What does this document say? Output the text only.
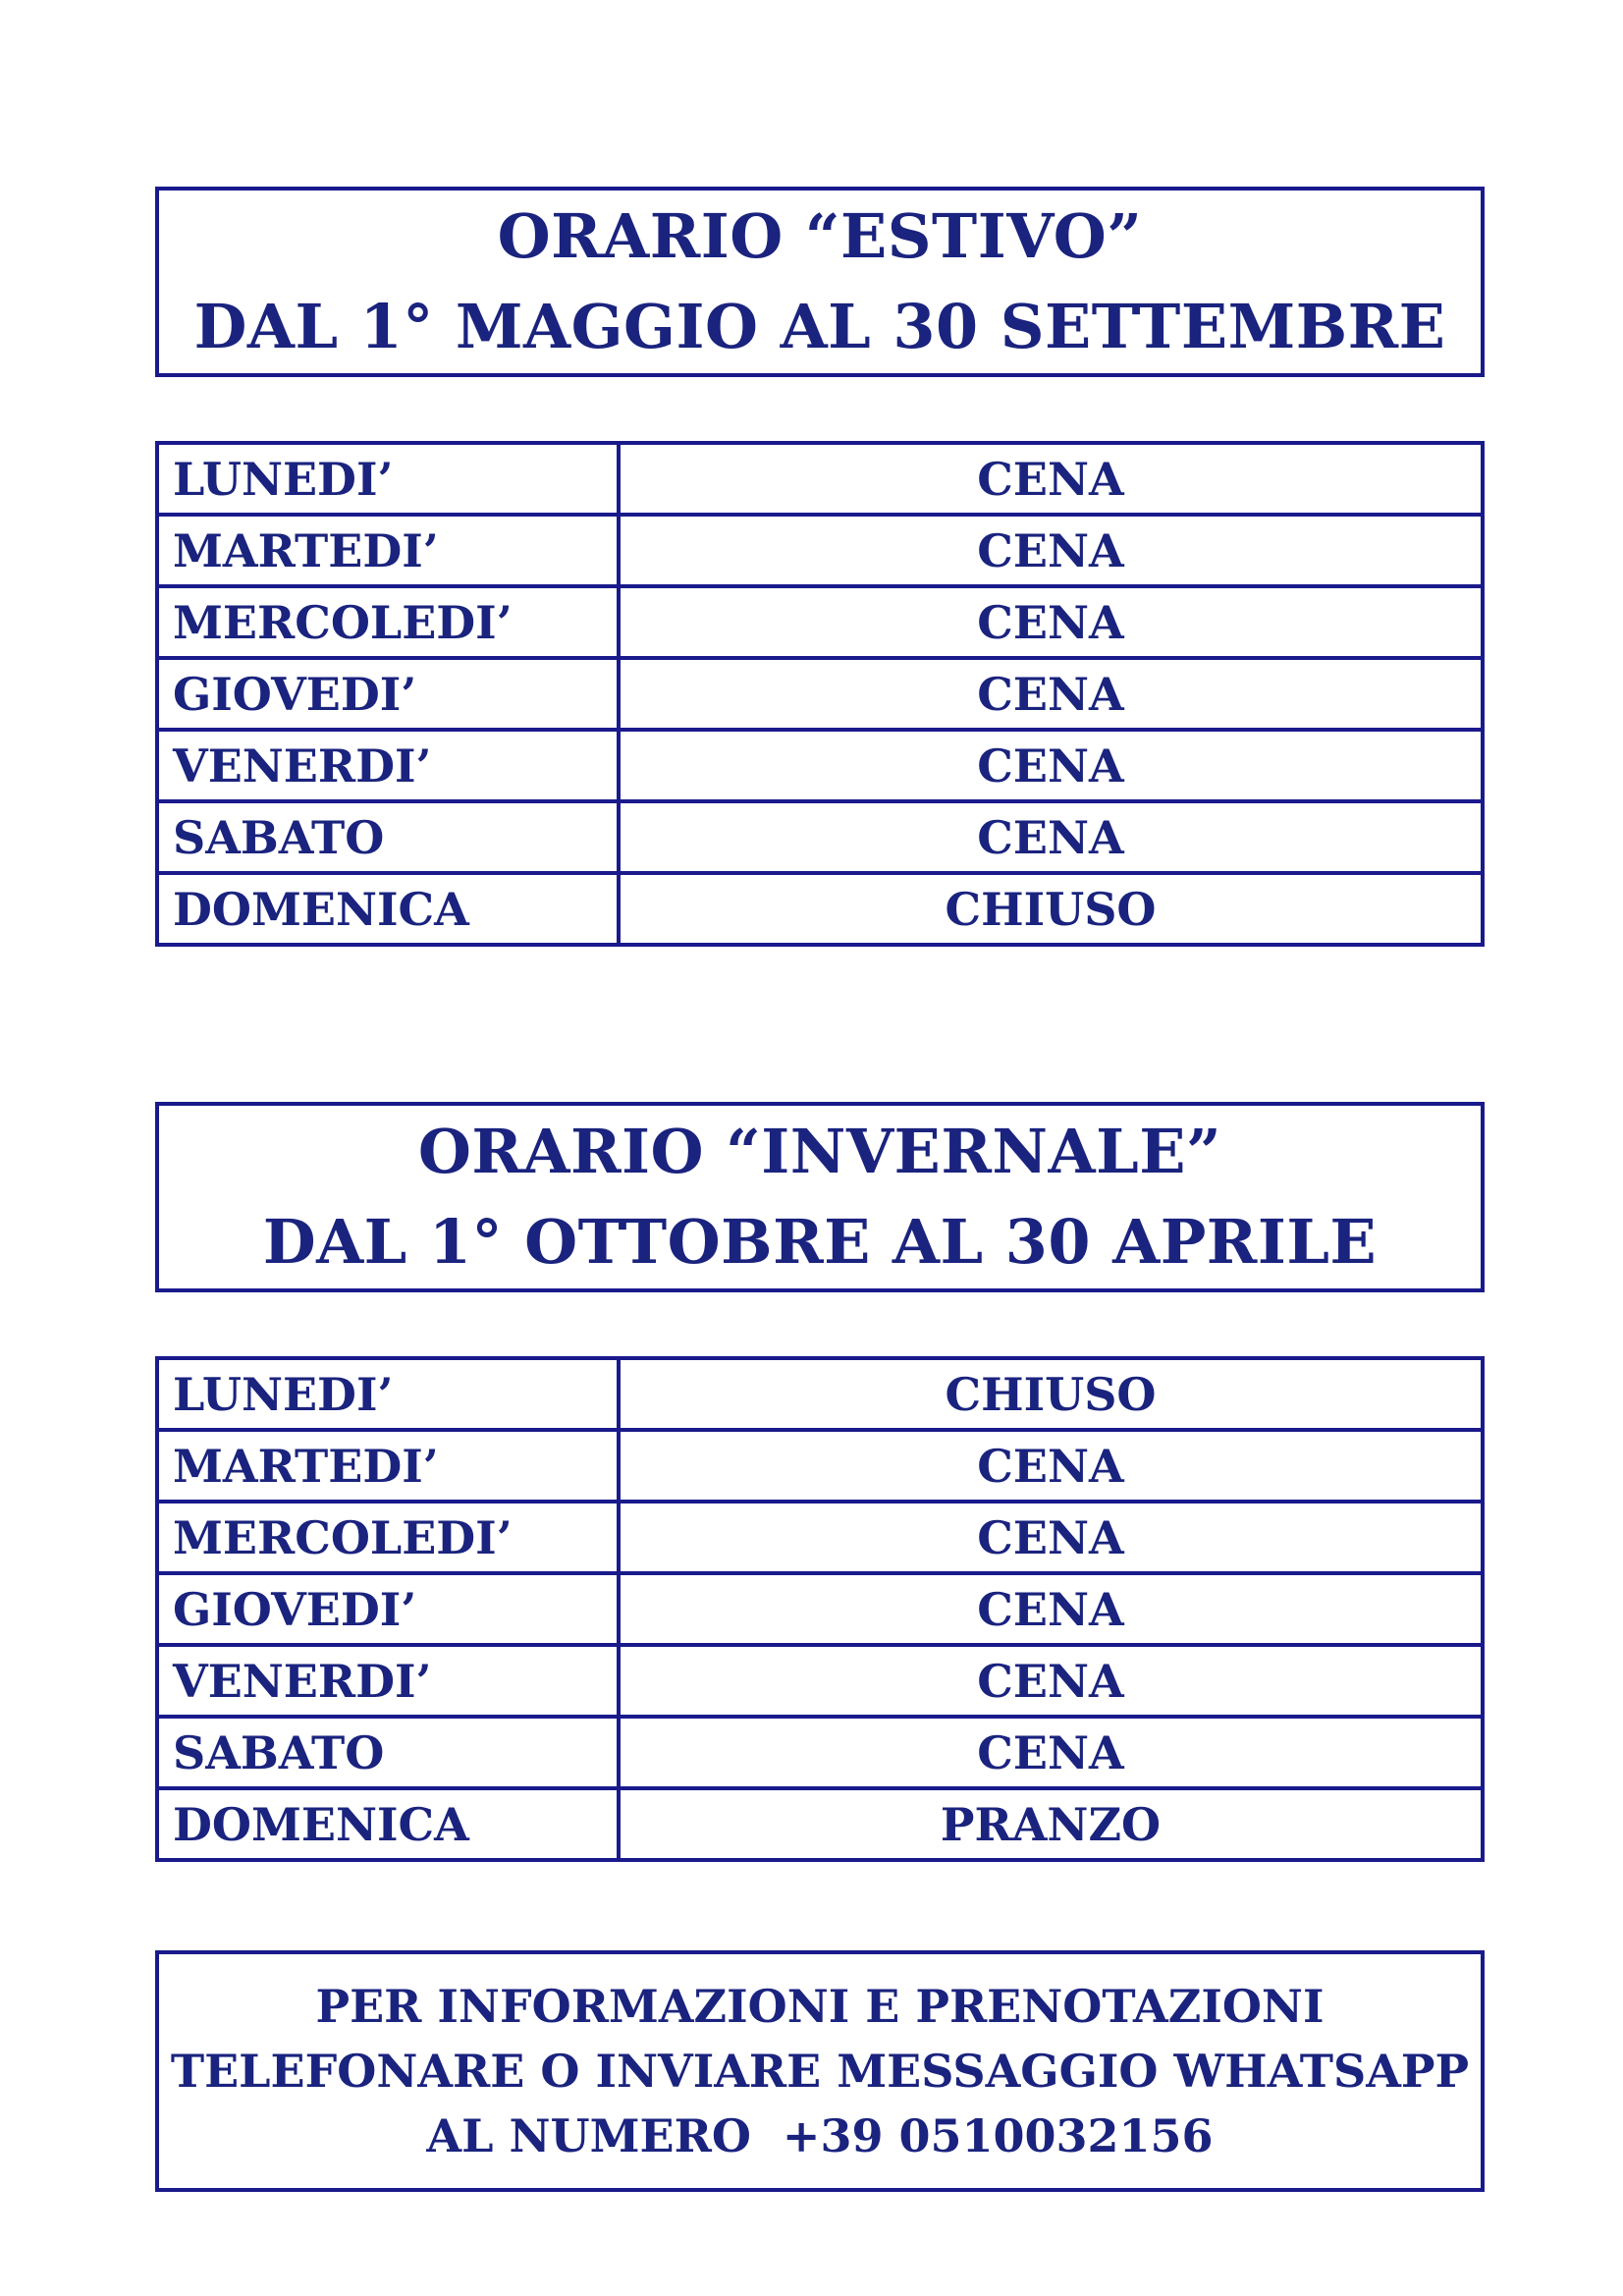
ORARIO “ESTIVO”
DAL 1° MAGGIO AL 30 SETTEMBRE
LUNEDI’	CENA
MARTEDI’	CENA
MERCOLEDI’	CENA
GIOVEDI’	CENA
VENERDI’	CENA
SABATO	CENA
DOMENICA	CHIUSO
ORARIO “INVERNALE”
DAL 1° OTTOBRE AL 30 APRILE
LUNEDI’	CHIUSO
MARTEDI’	CENA
MERCOLEDI’	CENA
GIOVEDI’	CENA
VENERDI’	CENA
SABATO	CENA
DOMENICA	PRANZO
PER INFORMAZIONI E PRENOTAZIONI
TELEFONARE O INVIARE MESSAGGIO WHATSAPP
AL NUMERO  +39 0510032156
